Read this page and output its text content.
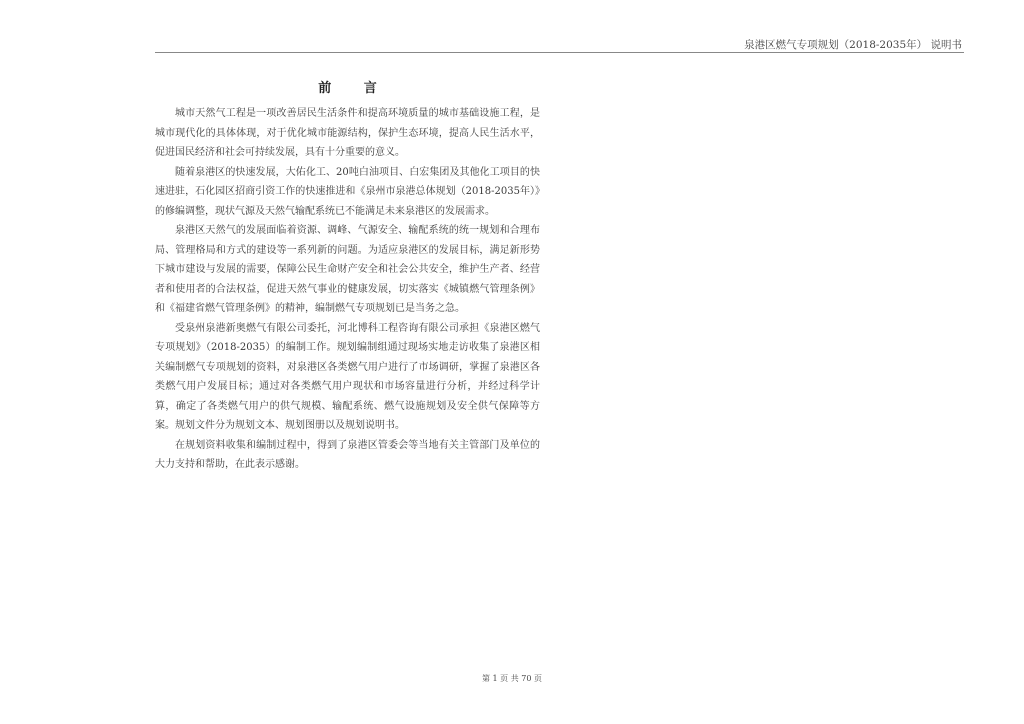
泉港区燃气专项规划（2018-2035年） 说明书
前 言

城市天然气工程是一项改善居民生活条件和提高环境质量的城市基础设施工程，是城市现代化的具体体现，对于优化城市能源结构，保护生态环境，提高人民生活水平，促进国民经济和社会可持续发展，具有十分重要的意义。

随着泉港区的快速发展，大佑化工、20吨白油项目、白宏集团及其他化工项目的快速进驻，石化园区招商引资工作的快速推进和《泉州市泉港总体规划（2018-2035年）》的修编调整，现状气源及天然气输配系统已不能满足未来泉港区的发展需求。

泉港区天然气的发展面临着资源、调峰、气源安全、输配系统的统一规划和合理布局、管理格局和方式的建设等一系列新的问题。为适应泉港区的发展目标，满足新形势下城市建设与发展的需要，保障公民生命财产安全和社会公共安全，维护生产者、经营者和使用者的合法权益，促进天然气事业的健康发展，切实落实《城镇燃气管理条例》和《福建省燃气管理条例》的精神，编制燃气专项规划已是当务之急。

受泉州泉港新奥燃气有限公司委托，河北博科工程咨询有限公司承担《泉港区燃气专项规划》（2018-2035）的编制工作。规划编制组通过现场实地走访收集了泉港区相关编制燃气专项规划的资料，对泉港区各类燃气用户进行了市场调研，掌握了泉港区各类燃气用户发展目标；通过对各类燃气用户现状和市场容量进行分析，并经过科学计算，确定了各类燃气用户的供气规模、输配系统、燃气设施规划及安全供气保障等方案。规划文件分为规划文本、规划图册以及规划说明书。

在规划资料收集和编制过程中，得到了泉港区管委会等当地有关主管部门及单位的大力支持和帮助，在此表示感谢。

第 1 页 共 70 页
